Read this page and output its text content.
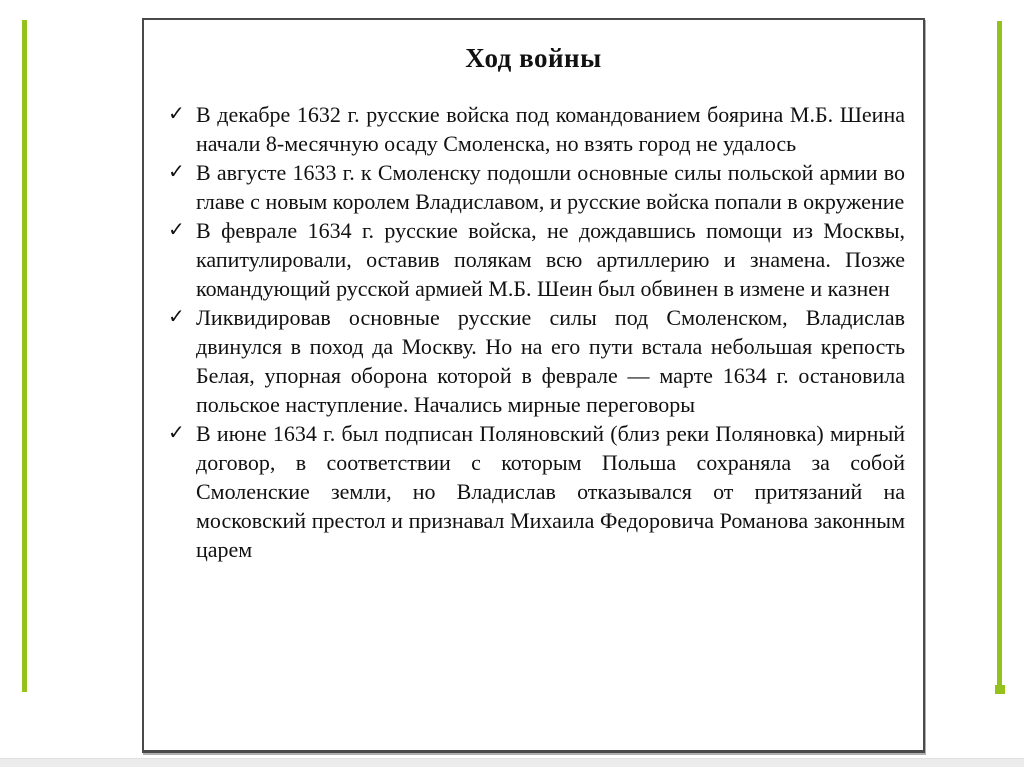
Ход войны
✓ В декабре 1632 г. русские войска под командованием боярина М.Б. Шеина начали 8-месячную осаду Смоленска, но взять город не удалось
✓ В августе 1633 г. к Смоленску подошли основные силы польской армии во главе с новым королем Владиславом, и русские войска попали в окружение
✓ В феврале 1634 г. русские войска, не дождавшись помощи из Москвы, капитулировали, оставив полякам всю артиллерию и знамена. Позже командующий русской армией М.Б. Шеин был обвинен в измене и казнен
✓ Ликвидировав основные русские силы под Смоленском, Владислав двинулся в поход да Москву. Но на его пути встала небольшая крепость Белая, упорная оборона которой в феврале — марте 1634 г. остановила польское наступление. Начались мирные переговоры
✓ В июне 1634 г. был подписан Поляновский (близ реки Поляновка) мирный договор, в соответствии с которым Польша сохраняла за собой Смоленские земли, но Владислав отказывался от притязаний на московский престол и признавал Михаила Федоровича Романова законным царем
